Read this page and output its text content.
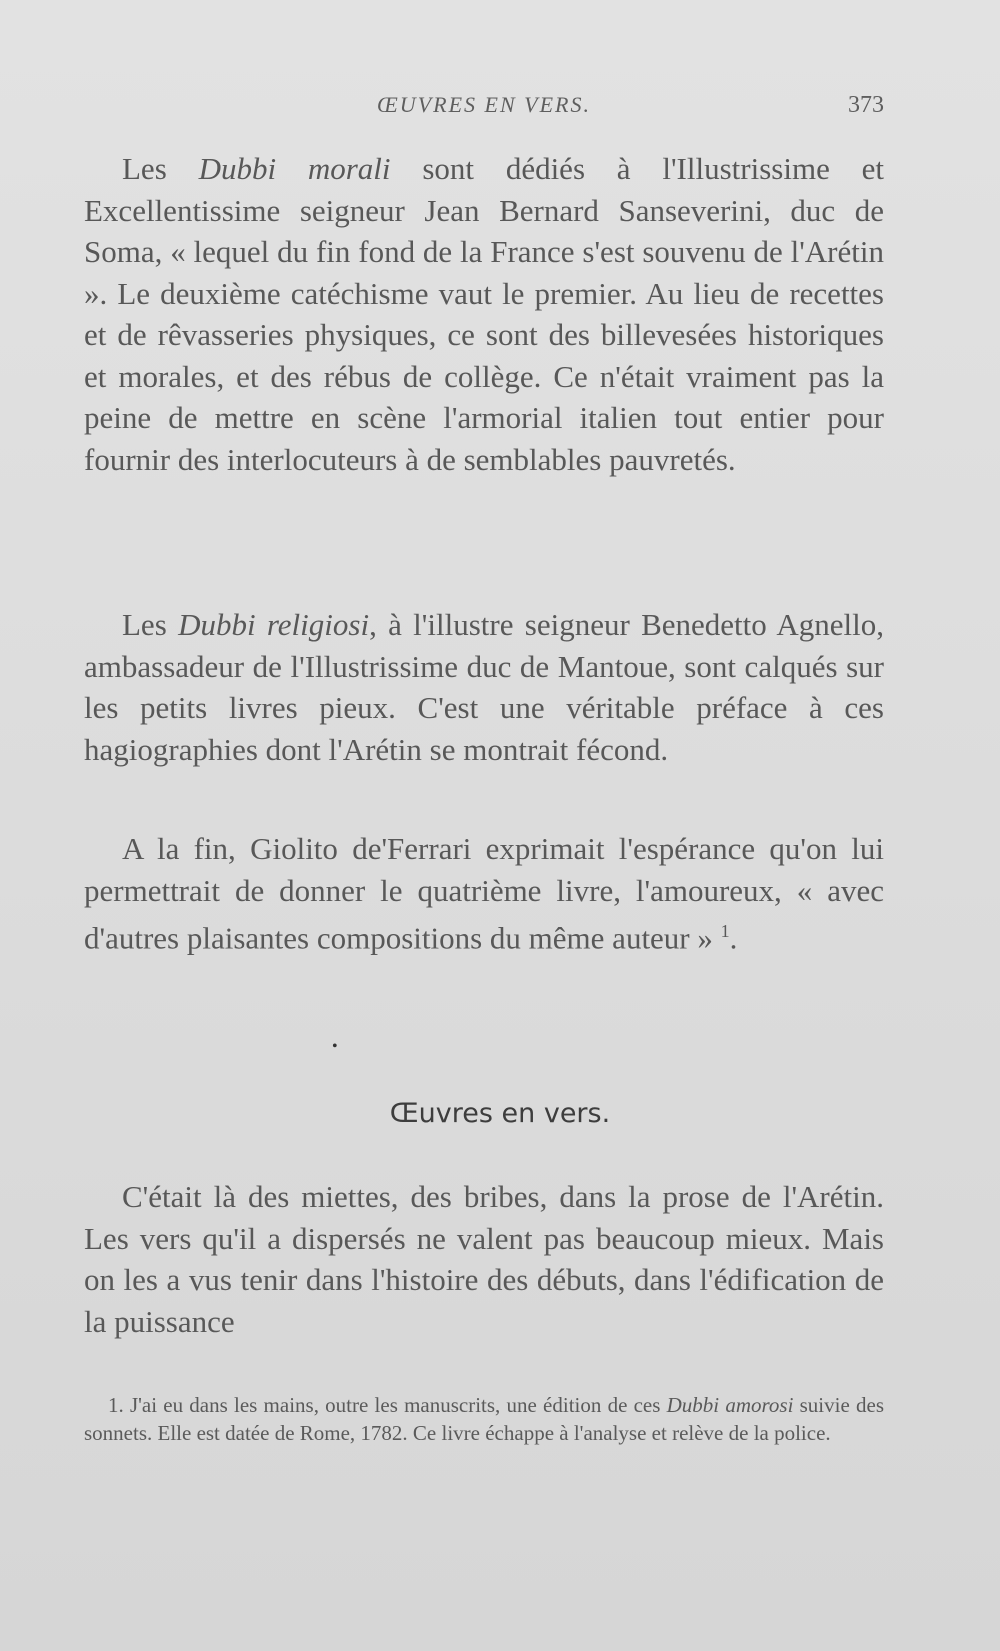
ŒUVRES EN VERS.	373

Les Dubbi morali sont dédiés à l'Illustrissime et Excellentissime seigneur Jean Bernard Sanseverini, duc de Soma, « lequel du fin fond de la France s'est souvenu de l'Arétin ». Le deuxième catéchisme vaut le premier. Au lieu de recettes et de rêvasseries physiques, ce sont des billevesées historiques et morales, et des rébus de collège. Ce n'était vraiment pas la peine de mettre en scène l'armorial italien tout entier pour fournir des interlocuteurs à de semblables pauvretés.

Les Dubbi religiosi, à l'illustre seigneur Benedetto Agnello, ambassadeur de l'Illustrissime duc de Mantoue, sont calqués sur les petits livres pieux. C'est une véritable préface à ces hagiographies dont l'Arétin se montrait fécond.

A la fin, Giolito de'Ferrari exprimait l'espérance qu'on lui permettrait de donner le quatrième livre, l'amoureux, « avec d'autres plaisantes compositions du même auteur » $^1$.

•
Œuvres en vers.

C'était là des miettes, des bribes, dans la prose de l'Arétin. Les vers qu'il a dispersés ne valent pas beaucoup mieux. Mais on les a vus tenir dans l'histoire des débuts, dans l'édification de la puissance

1. J'ai eu dans les mains, outre les manuscrits, une édition de ces Dubbi amorosi suivie des sonnets. Elle est datée de Rome, 1782. Ce livre échappe à l'analyse et relève de la police.
